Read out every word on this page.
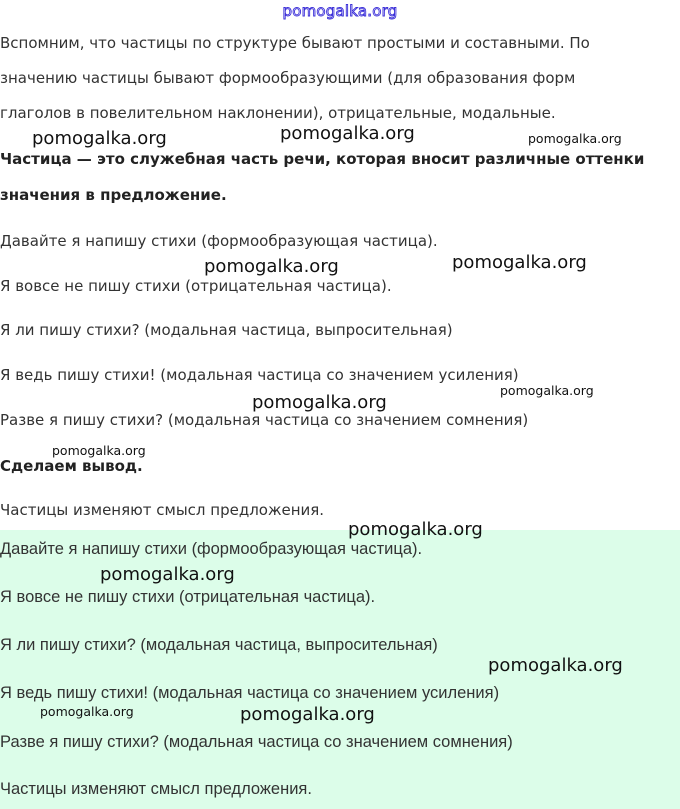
pomogalka.org
Вспомним, что частицы по структуре бывают простыми и составными. По
значению частицы бывают формообразующими (для образования форм
глаголов в повелительном наклонении), отрицательные, модальные.
Частица — это служебная часть речи, которая вносит различные оттенки
значения в предложение.
Давайте я напишу стихи (формообразующая частица).
Я вовсе не пишу стихи (отрицательная частица).
Я ли пишу стихи? (модальная частица, выпросительная)
Я ведь пишу стихи! (модальная частица со значением усиления)
Разве я пишу стихи? (модальная частица со значением сомнения)
Сделаем вывод.
Частицы изменяют смысл предложения.
Давайте я напишу стихи (формообразующая частица).
Я вовсе не пишу стихи (отрицательная частица).
Я ли пишу стихи? (модальная частица, выпросительная)
Я ведь пишу стихи! (модальная частица со значением усиления)
Разве я пишу стихи? (модальная частица со значением сомнения)
Частицы изменяют смысл предложения.
pomogalka.org	pomogalka.org	pomogalka.org
pomogalka.org	pomogalka.org
pomogalka.org
pomogalka.org
pomogalka.org
pomogalka.org
pomogalka.org
pomogalka.org
pomogalka.org	pomogalka.org
